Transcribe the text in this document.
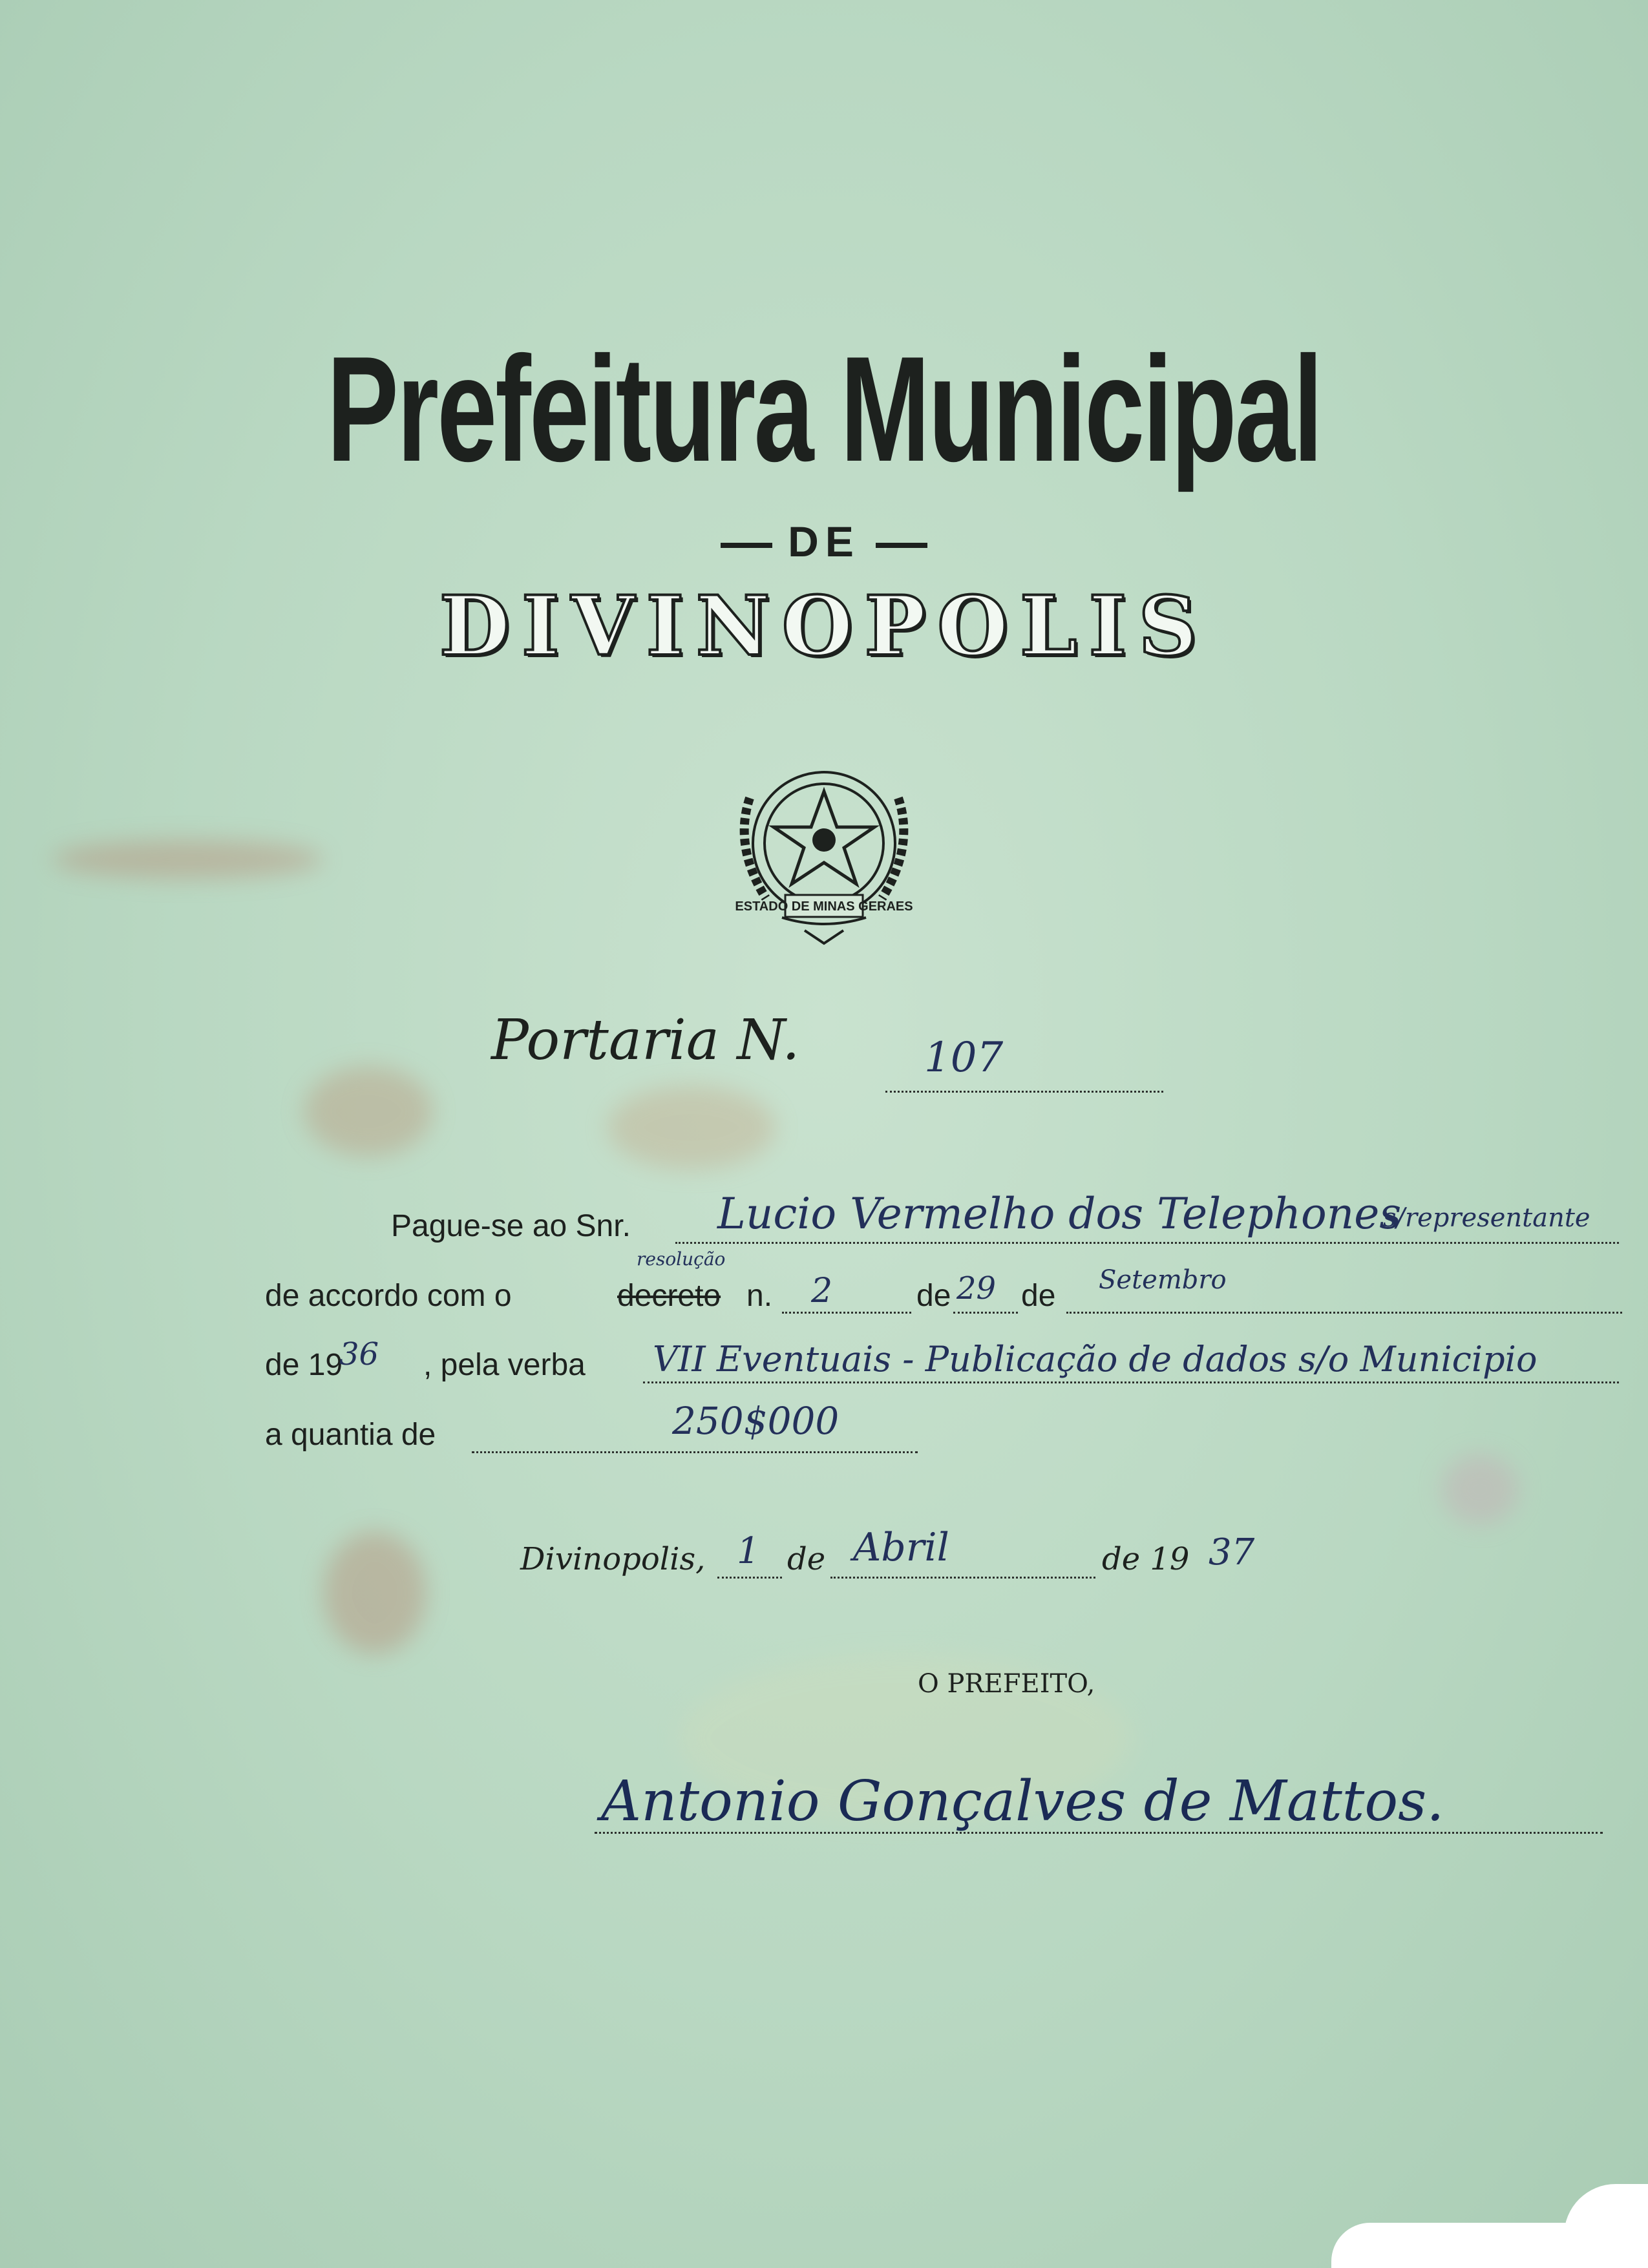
Prefeitura Municipal
DE
DIVINOPOLIS
ESTADO DE MINAS GERAES
Portaria N.	107
Pague-se ao Snr. Lucio Vermelho dos Telephones
s/representante
de accordo com o	decreto
resolução
n. 2	de 29 de Setembro
de 19
36 , pela verba VII Eventuais - Publicação de dados s/o Municipio
a quantia de	250$000
Divinopolis, 1 de Abril	de 19 37
O PREFEITO,
Antonio Gonçalves de Mattos.
